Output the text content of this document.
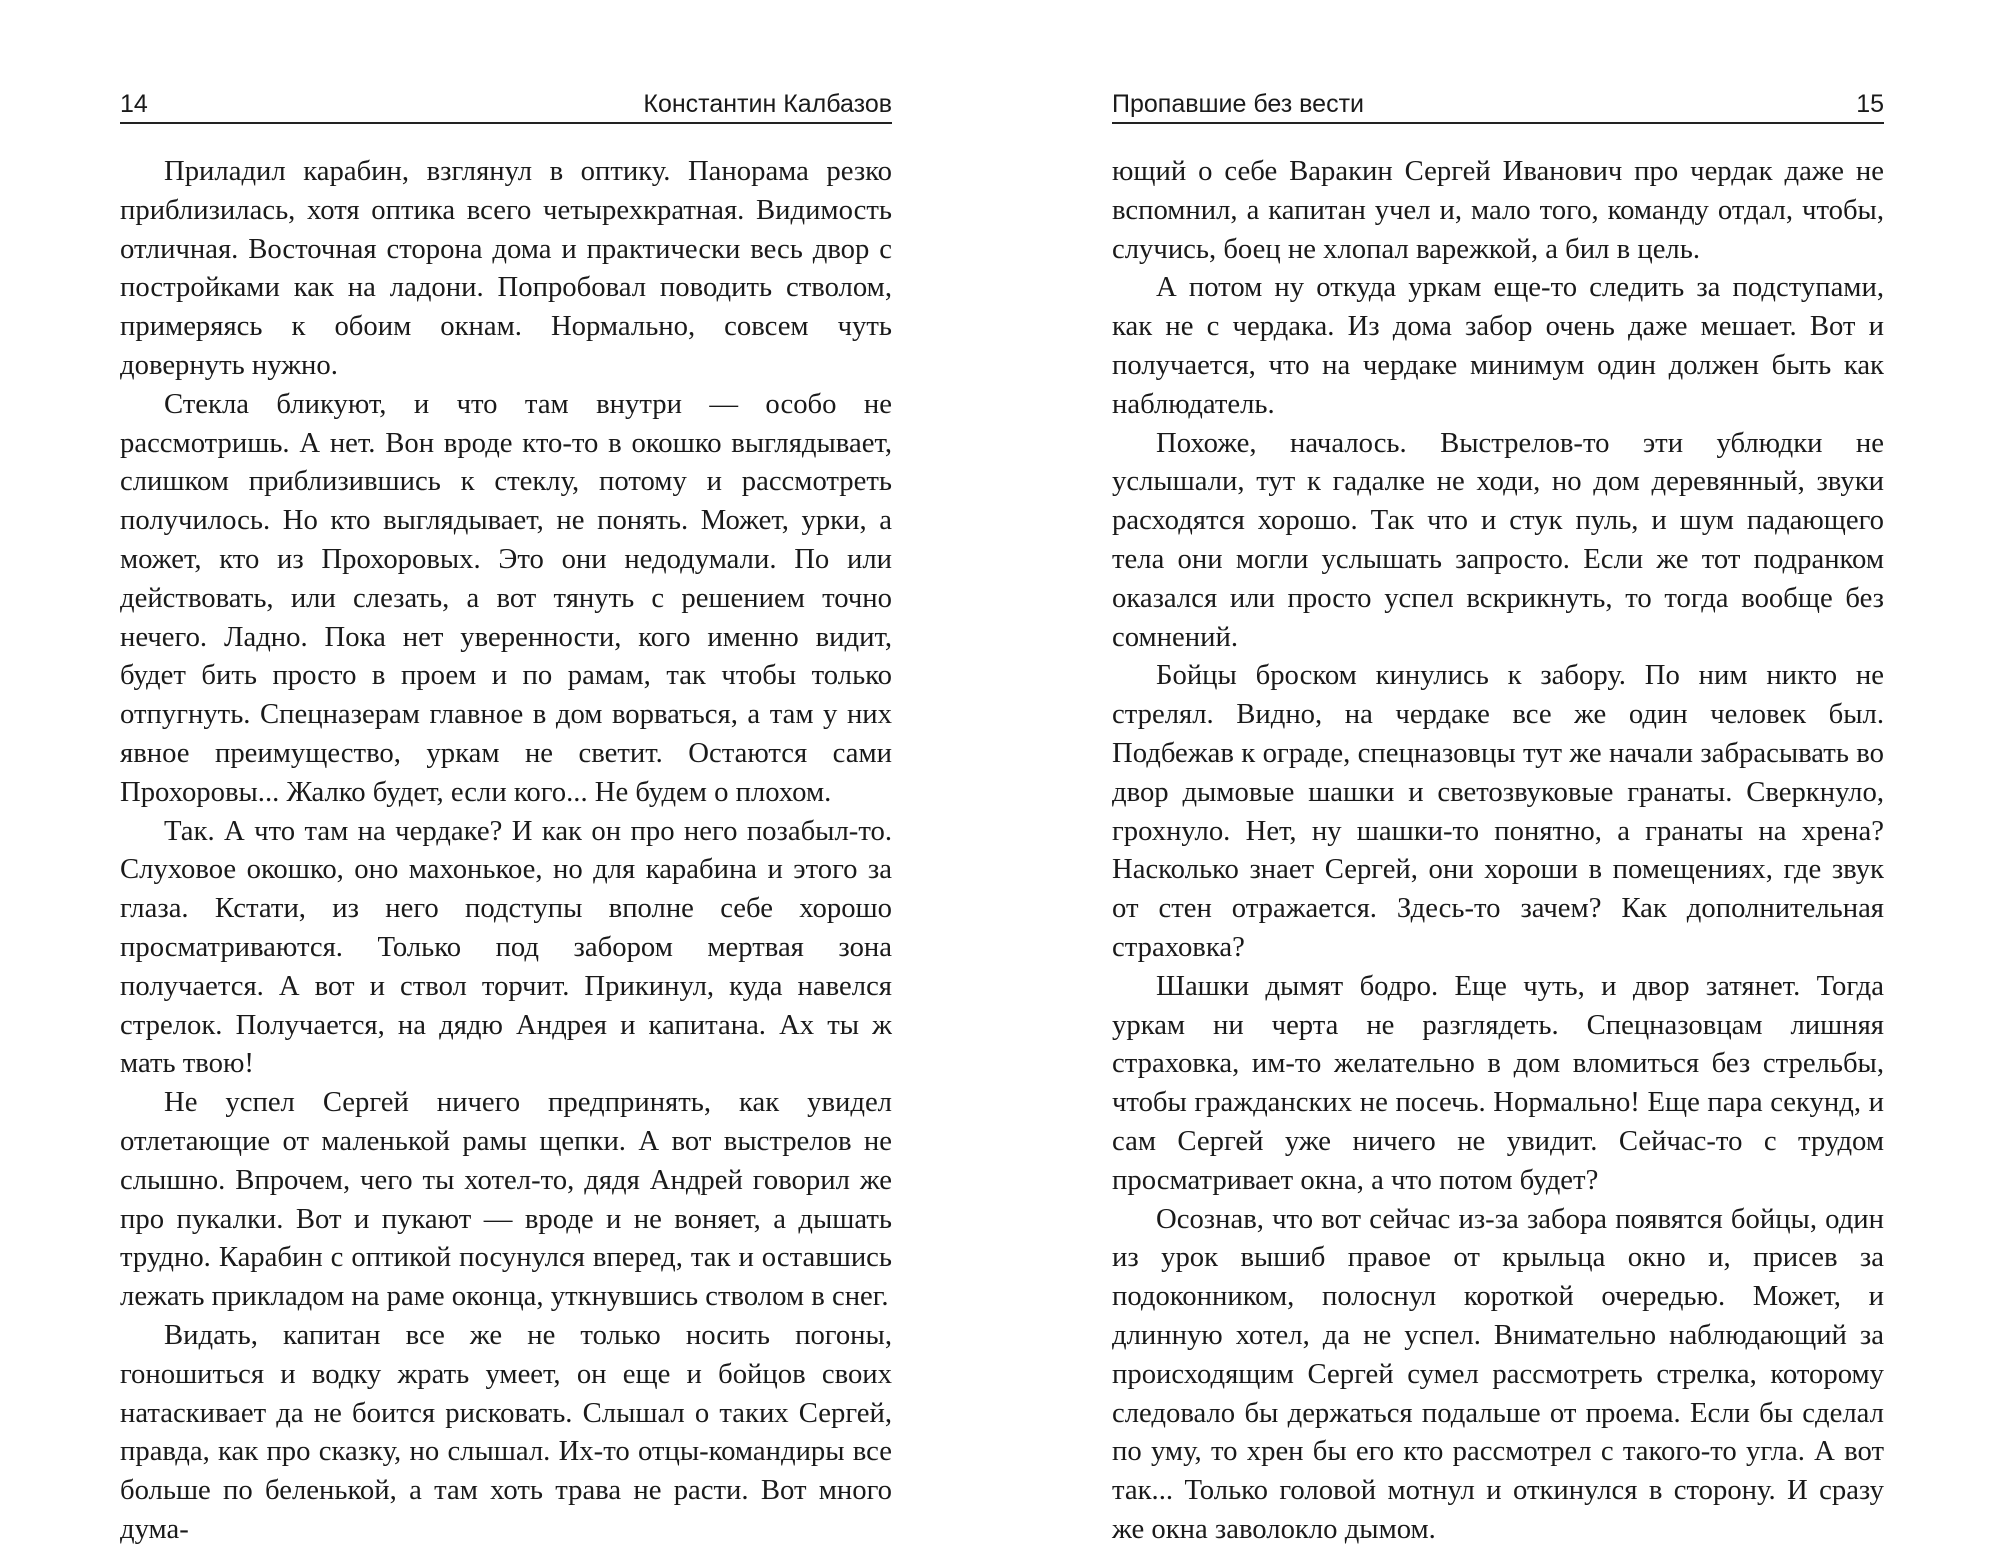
14	Константин Калбазов

Приладил карабин, взглянул в оптику. Панорама резко приблизилась, хотя оптика всего четырехкратная. Видимость отличная. Восточная сторона дома и практически весь двор с постройками как на ладони. Попробовал поводить стволом, примеряясь к обоим окнам. Нормально, совсем чуть довернуть нужно.

Стекла бликуют, и что там внутри — особо не рассмотришь. А нет. Вон вроде кто-то в окошко выглядывает, слишком приблизившись к стеклу, потому и рассмотреть получилось. Но кто выглядывает, не понять. Может, урки, а может, кто из Прохоровых. Это они недодумали. По или действовать, или слезать, а вот тянуть с решением точно нечего. Ладно. Пока нет уверенности, кого именно видит, будет бить просто в проем и по рамам, так чтобы только отпугнуть. Спецназерам главное в дом ворваться, а там у них явное преимущество, уркам не светит. Остаются сами Прохоровы... Жалко будет, если кого... Не будем о плохом.

Так. А что там на чердаке? И как он про него позабыл-то. Слуховое окошко, оно махонькое, но для карабина и этого за глаза. Кстати, из него подступы вполне себе хорошо просматриваются. Только под забором мертвая зона получается. А вот и ствол торчит. Прикинул, куда навелся стрелок. Получается, на дядю Андрея и капитана. Ах ты ж мать твою!

Не успел Сергей ничего предпринять, как увидел отлетающие от маленькой рамы щепки. А вот выстрелов не слышно. Впрочем, чего ты хотел-то, дядя Андрей говорил же про пукалки. Вот и пукают — вроде и не воняет, а дышать трудно. Карабин с оптикой посунулся вперед, так и оставшись лежать прикладом на раме оконца, уткнувшись стволом в снег.

Видать, капитан все же не только носить погоны, гоношиться и водку жрать умеет, он еще и бойцов своих натаскивает да не боится рисковать. Слышал о таких Сергей, правда, как про сказку, но слышал. Их-то отцы-командиры все больше по беленькой, а там хоть трава не расти. Вот много дума-

Пропавшие без вести	15

ющий о себе Варакин Сергей Иванович про чердак даже не вспомнил, а капитан учел и, мало того, команду отдал, чтобы, случись, боец не хлопал варежкой, а бил в цель.

А потом ну откуда уркам еще-то следить за подступами, как не с чердака. Из дома забор очень даже мешает. Вот и получается, что на чердаке минимум один должен быть как наблюдатель.

Похоже, началось. Выстрелов-то эти ублюдки не услышали, тут к гадалке не ходи, но дом деревянный, звуки расходятся хорошо. Так что и стук пуль, и шум падающего тела они могли услышать запросто. Если же тот подранком оказался или просто успел вскрикнуть, то тогда вообще без сомнений.

Бойцы броском кинулись к забору. По ним никто не стрелял. Видно, на чердаке все же один человек был. Подбежав к ограде, спецназовцы тут же начали забрасывать во двор дымовые шашки и светозвуковые гранаты. Сверкнуло, грохнуло. Нет, ну шашки-то понятно, а гранаты на хрена? Насколько знает Сергей, они хороши в помещениях, где звук от стен отражается. Здесь-то зачем? Как дополнительная страховка?

Шашки дымят бодро. Еще чуть, и двор затянет. Тогда уркам ни черта не разглядеть. Спецназовцам лишняя страховка, им-то желательно в дом вломиться без стрельбы, чтобы гражданских не посечь. Нормально! Еще пара секунд, и сам Сергей уже ничего не увидит. Сейчас-то с трудом просматривает окна, а что потом будет?

Осознав, что вот сейчас из-за забора появятся бойцы, один из урок вышиб правое от крыльца окно и, присев за подоконником, полоснул короткой очередью. Может, и длинную хотел, да не успел. Внимательно наблюдающий за происходящим Сергей сумел рассмотреть стрелка, которому следовало бы держаться подальше от проема. Если бы сделал по уму, то хрен бы его кто рассмотрел с такого-то угла. А вот так... Только головой мотнул и откинулся в сторону. И сразу же окна заволокло дымом.
